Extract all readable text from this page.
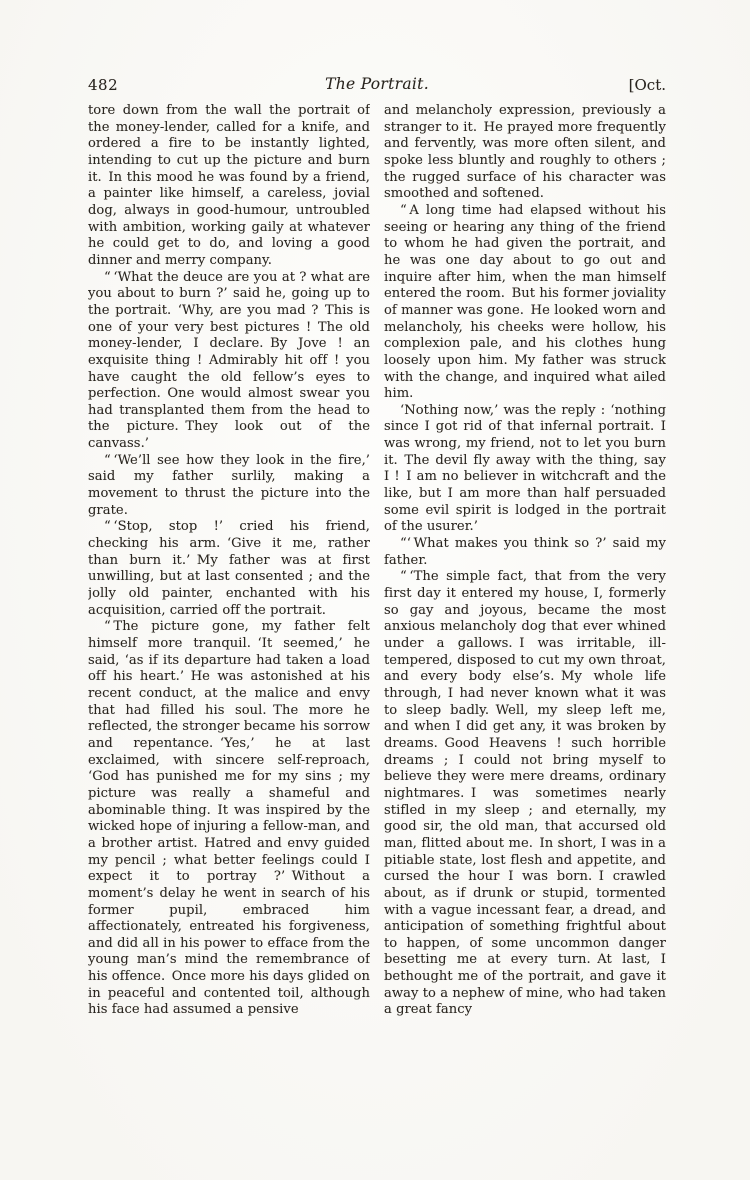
482	The Portrait.	[Oct.

tore down from the wall the portrait of the money-lender, called for a knife, and ordered a fire to be instantly lighted, intending to cut up the picture and burn it. In this mood he was found by a friend, a painter like himself, a careless, jovial dog, always in good-humour, untroubled with ambition, working gaily at whatever he could get to do, and loving a good dinner and merry company.

“ ‘What the deuce are you at ? what are you about to burn ?’ said he, going up to the portrait. ‘Why, are you mad ? This is one of your very best pictures ! The old money-lender, I declare. By Jove ! an exquisite thing ! Admirably hit off ! you have caught the old fellow’s eyes to perfection. One would almost swear you had transplanted them from the head to the picture. They look out of the canvass.’

“ ‘We’ll see how they look in the fire,’ said my father surlily, making a movement to thrust the picture into the grate.

“ ‘Stop, stop !’ cried his friend, checking his arm. ‘Give it me, rather than burn it.’ My father was at first unwilling, but at last consented ; and the jolly old painter, enchanted with his acquisition, carried off the portrait.

“ The picture gone, my father felt himself more tranquil. ‘It seemed,’ he said, ‘as if its departure had taken a load off his heart.’ He was astonished at his recent conduct, at the malice and envy that had filled his soul. The more he reflected, the stronger became his sorrow and repentance. ‘Yes,’ he at last exclaimed, with sincere self-reproach, ‘God has punished me for my sins ; my picture was really a shameful and abominable thing. It was inspired by the wicked hope of injuring a fellow-man, and a brother artist. Hatred and envy guided my pencil ; what better feelings could I expect it to portray ?’ Without a moment’s delay he went in search of his former pupil, embraced him affectionately, entreated his forgiveness, and did all in his power to efface from the young man’s mind the remembrance of his offence. Once more his days glided on in peaceful and contented toil, although his face had assumed a pensive

and melancholy expression, previously a stranger to it. He prayed more frequently and fervently, was more often silent, and spoke less bluntly and roughly to others ; the rugged surface of his character was smoothed and softened.

“ A long time had elapsed without his seeing or hearing any thing of the friend to whom he had given the portrait, and he was one day about to go out and inquire after him, when the man himself entered the room. But his former joviality of manner was gone. He looked worn and melancholy, his cheeks were hollow, his complexion pale, and his clothes hung loosely upon him. My father was struck with the change, and inquired what ailed him.

‘Nothing now,’ was the reply : ‘nothing since I got rid of that infernal portrait. I was wrong, my friend, not to let you burn it. The devil fly away with the thing, say I ! I am no believer in witchcraft and the like, but I am more than half persuaded some evil spirit is lodged in the portrait of the usurer.’

“‘ What makes you think so ?’ said my father.

“ ‘The simple fact, that from the very first day it entered my house, I, formerly so gay and joyous, became the most anxious melancholy dog that ever whined under a gallows. I was irritable, ill-tempered, disposed to cut my own throat, and every body else’s. My whole life through, I had never known what it was to sleep badly. Well, my sleep left me, and when I did get any, it was broken by dreams. Good Heavens ! such horrible dreams ; I could not bring myself to believe they were mere dreams, ordinary nightmares. I was sometimes nearly stifled in my sleep ; and eternally, my good sir, the old man, that accursed old man, flitted about me. In short, I was in a pitiable state, lost flesh and appetite, and cursed the hour I was born. I crawled about, as if drunk or stupid, tormented with a vague incessant fear, a dread, and anticipation of something frightful about to happen, of some uncommon danger besetting me at every turn. At last, I bethought me of the portrait, and gave it away to a nephew of mine, who had taken a great fancy
